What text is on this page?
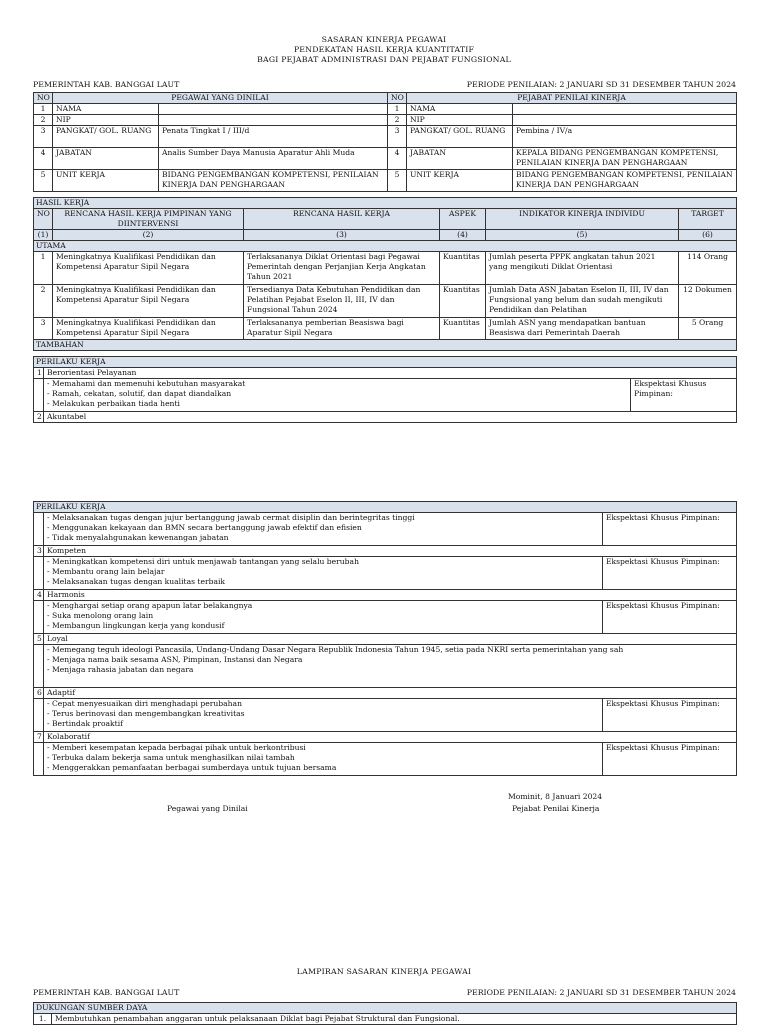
SASARAN KINERJA PEGAWAI
PENDEKATAN HASIL KERJA KUANTITATIF
BAGI PEJABAT ADMINISTRASI DAN PEJABAT FUNGSIONAL
PEMERINTAH KAB. BANGGAI LAUT	PERIODE PENILAIAN: 2 JANUARI SD 31 DESEMBER TAHUN 2024
NO	PEGAWAI YANG DINILAI		NO	PEJABAT PENILAI KINERJA	
1	NAMA		1	NAMA	
2	NIP		2	NIP	
3	PANGKAT/ GOL. RUANG	Penata Tingkat I / III/d	3	PANGKAT/ GOL. RUANG	Pembina / IV/a
4	JABATAN	Analis Sumber Daya Manusia Aparatur Ahli Muda	4	JABATAN	KEPALA BIDANG PENGEMBANGAN KOMPETENSI, PENILAIAN KINERJA DAN PENGHARGAAN
5	UNIT KERJA	BIDANG PENGEMBANGAN KOMPETENSI, PENILAIAN KINERJA DAN PENGHARGAAN	5	UNIT KERJA	BIDANG PENGEMBANGAN KOMPETENSI, PENILAIAN KINERJA DAN PENGHARGAAN
HASIL KERJA					
NO	RENCANA HASIL KERJA PIMPINAN YANG DIINTERVENSI	RENCANA HASIL KERJA	ASPEK	INDIKATOR KINERJA INDIVIDU	TARGET
(1)	(2)	(3)	(4)	(5)	(6)
UTAMA					
1	Meningkatnya Kualifikasi Pendidikan dan Kompetensi Aparatur Sipil Negara	Terlaksananya Diklat Orientasi bagi Pegawai Pemerintah dengan Perjanjian Kerja Angkatan Tahun 2021	Kuantitas	Jumlah peserta PPPK angkatan tahun 2021 yang mengikuti Diklat Orientasi	114 Orang
2	Meningkatnya Kualifikasi Pendidikan dan Kompetensi Aparatur Sipil Negara	Tersedianya Data Kebutuhan Pendidikan dan Pelatihan Pejabat Eselon II, III, IV dan Fungsional Tahun 2024	Kuantitas	Jumlah Data ASN Jabatan Eselon II, III, IV dan Fungsional yang belum dan sudah mengikuti Pendidikan dan Pelatihan	12 Dokumen
3	Meningkatnya Kualifikasi Pendidikan dan Kompetensi Aparatur Sipil Negara	Terlaksananya pemberian Beasiswa bagi Aparatur Sipil Negara	Kuantitas	Jumlah ASN yang mendapatkan bantuan Beasiswa dari Pemerintah Daerah	5 Orang
TAMBAHAN					
PERILAKU KERJA		
1	Berorientasi Pelayanan	

	- Memahami dan memenuhi kebutuhan masyarakat
- Ramah, cekatan, solutif, dan dapat diandalkan
- Melakukan perbaikan tiada henti	Ekspektasi Khusus Pimpinan:
2	Akuntabel	
PERILAKU KERJA		

	- Melaksanakan tugas dengan jujur bertanggung jawab cermat disiplin dan berintegritas tinggi
- Menggunakan kekayaan dan BMN secara bertanggung jawab efektif dan efisien
- Tidak menyalahgunakan kewenangan jabatan	Ekspektasi Khusus Pimpinan:
3	Kompeten	

	- Meningkatkan kompetensi diri untuk menjawab tantangan yang selalu berubah
- Membantu orang lain belajar
- Melaksanakan tugas dengan kualitas terbaik	Ekspektasi Khusus Pimpinan:
4	Harmonis	

	- Menghargai setiap orang apapun latar belakangnya
- Suka menolong orang lain
- Membangun lingkungan kerja yang kondusif	Ekspektasi Khusus Pimpinan:
5	Loyal	

	- Memegang teguh ideologi Pancasila, Undang-Undang Dasar Negara Republik Indonesia Tahun 1945, setia pada NKRI serta pemerintahan yang sah
- Menjaga nama baik sesama ASN, Pimpinan, Instansi dan Negara
- Menjaga rahasia jabatan dan negara	

6	Adaptif	

	- Cepat menyesuaikan diri menghadapi perubahan
- Terus berinovasi dan mengembangkan kreativitas
- Bertindak proaktif	Ekspektasi Khusus Pimpinan:
7	Kolaboratif	

	- Memberi kesempatan kepada berbagai pihak untuk berkontribusi
- Terbuka dalam bekerja sama untuk menghasilkan nilai tambah
- Menggerakkan pemanfaatan berbagai sumberdaya untuk tujuan bersama	Ekspektasi Khusus Pimpinan:
Mominit, 8 Januari 2024
Pegawai yang Dinilai	Pejabat Penilai Kinerja
LAMPIRAN SASARAN KINERJA PEGAWAI
PEMERINTAH KAB. BANGGAI LAUT	PERIODE PENILAIAN: 2 JANUARI SD 31 DESEMBER TAHUN 2024
DUKUNGAN SUMBER DAYA
1.	Membutuhkan penambahan anggaran untuk pelaksanaan Diklat bagi Pejabat Struktural dan Fungsional.
